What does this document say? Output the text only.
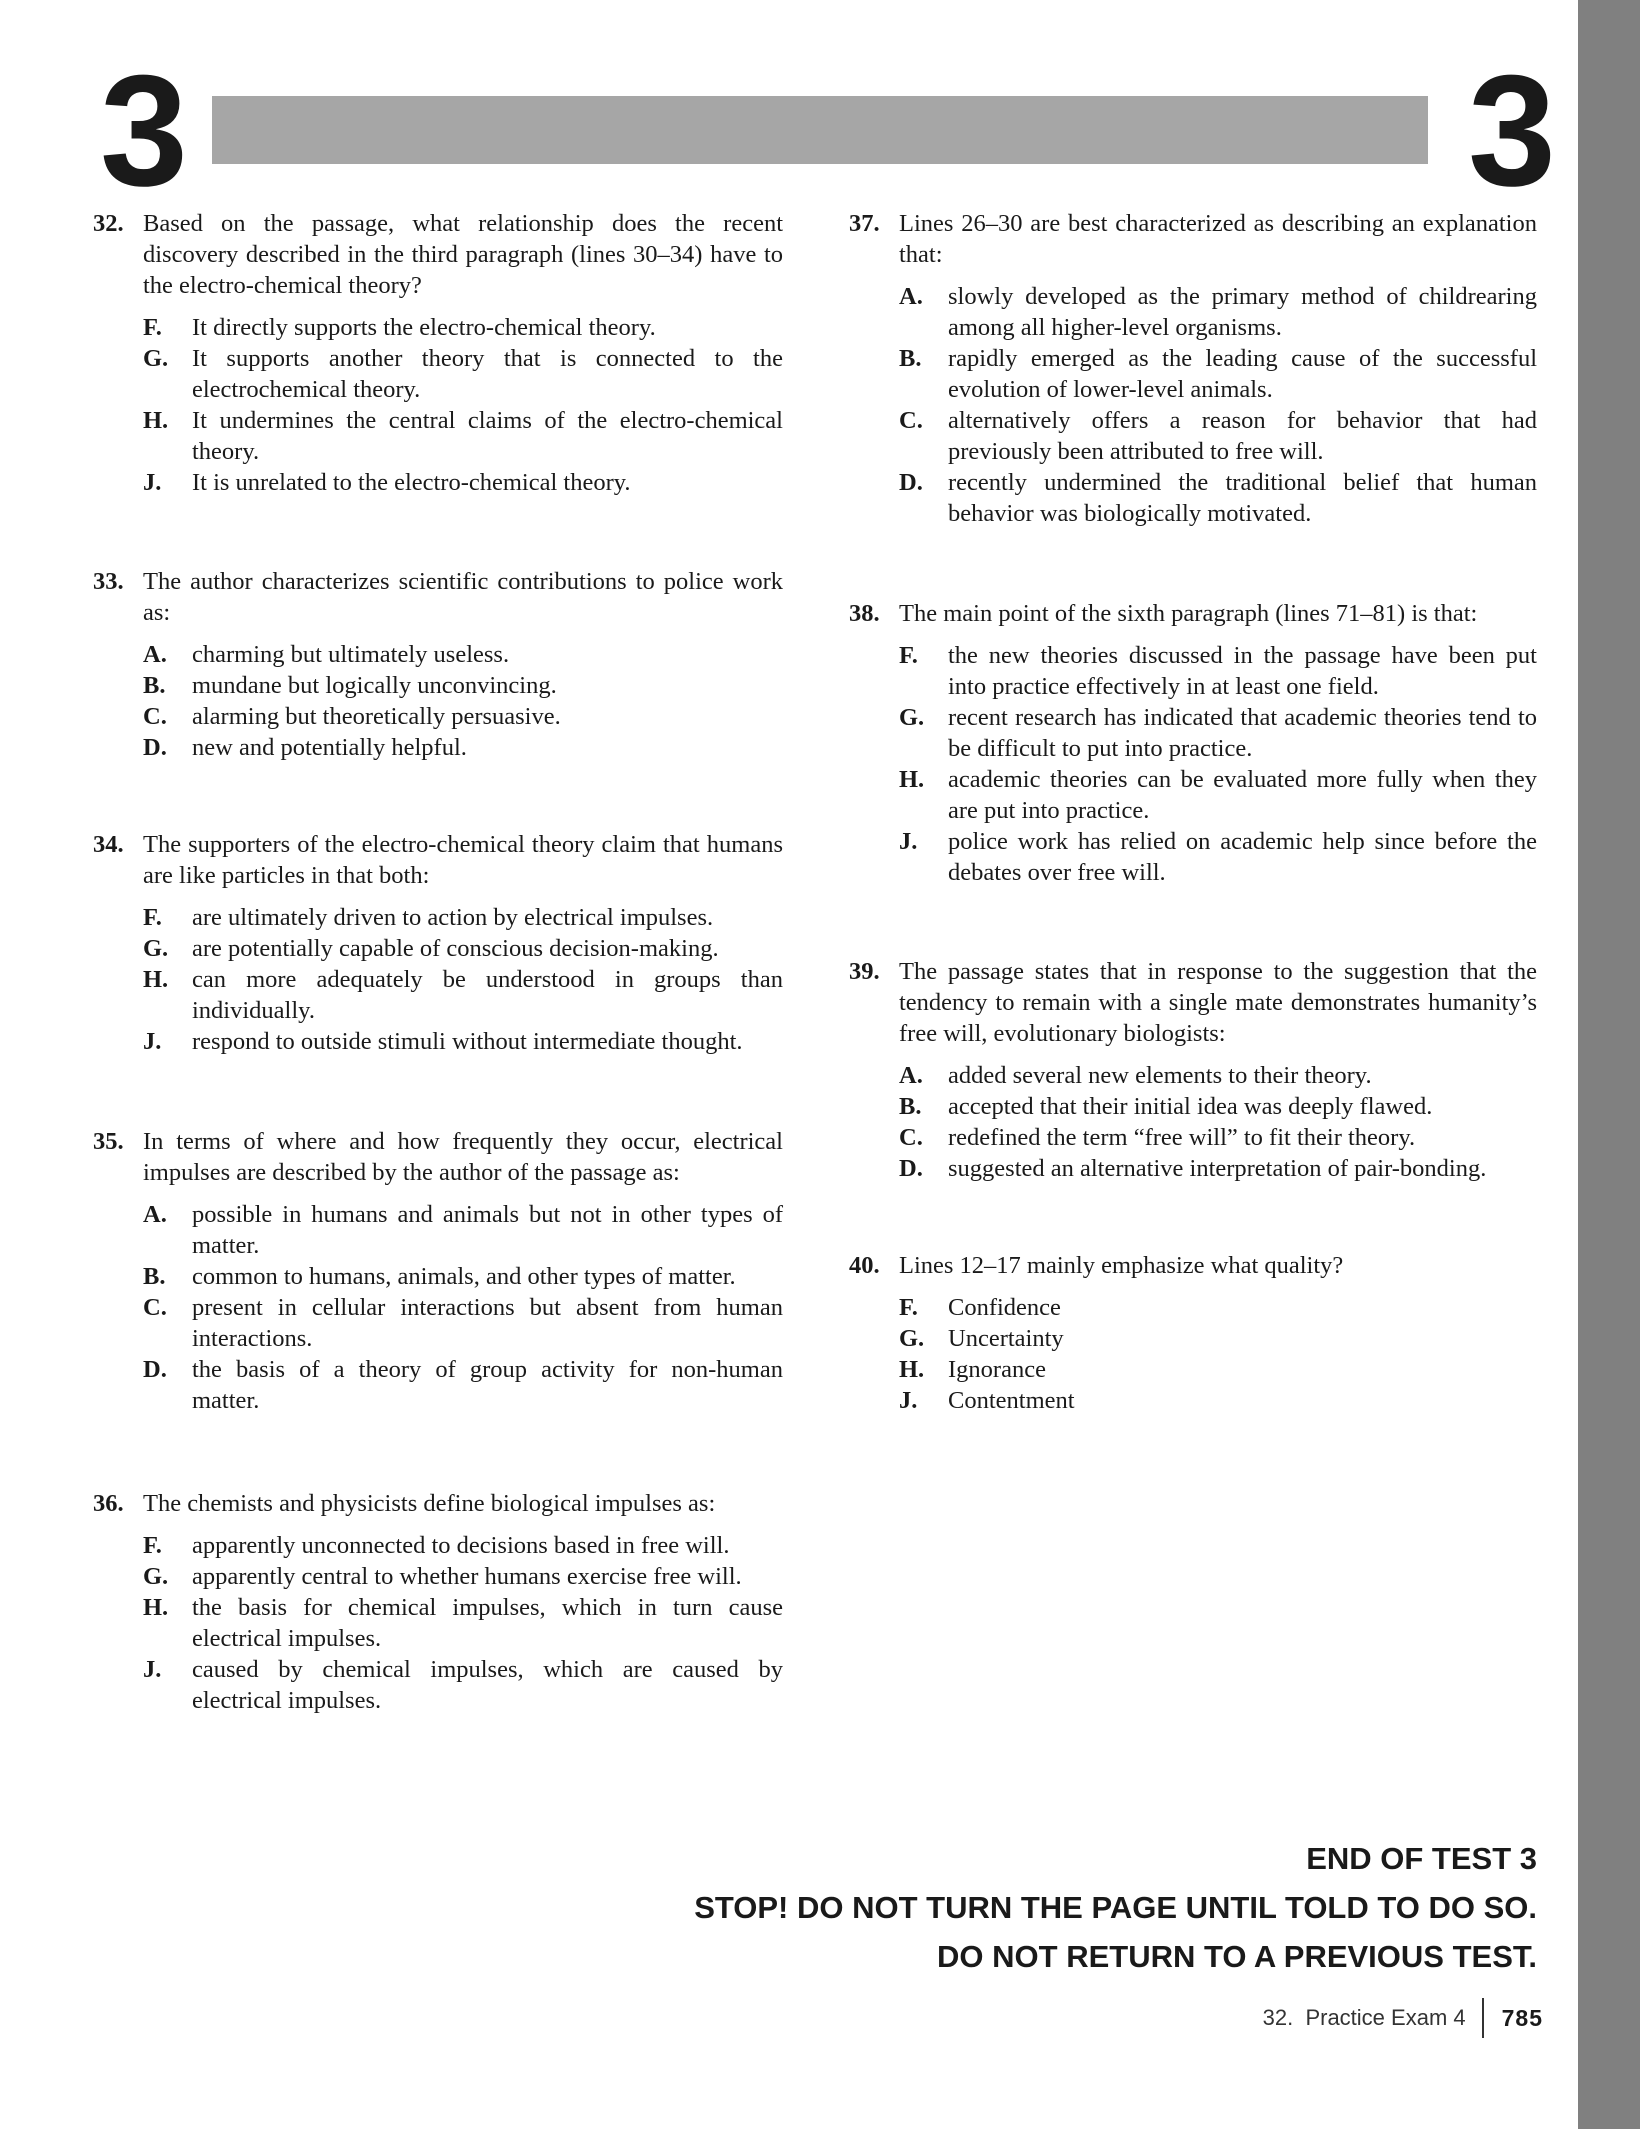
3	3
32. Based on the passage, what relationship does the recent discovery described in the third paragraph (lines 30–34) have to the electro-chemical theory?
F. It directly supports the electro-chemical theory.
G. It supports another theory that is connected to the electrochemical theory.
H. It undermines the central claims of the electro-chemical theory.
J. It is unrelated to the electro-chemical theory.
33. The author characterizes scientific contributions to police work as:
A. charming but ultimately useless.
B. mundane but logically unconvincing.
C. alarming but theoretically persuasive.
D. new and potentially helpful.
34. The supporters of the electro-chemical theory claim that humans are like particles in that both:
F. are ultimately driven to action by electrical impulses.
G. are potentially capable of conscious decision-making.
H. can more adequately be understood in groups than individually.
J. respond to outside stimuli without intermediate thought.
35. In terms of where and how frequently they occur, electrical impulses are described by the author of the passage as:
A. possible in humans and animals but not in other types of matter.
B. common to humans, animals, and other types of matter.
C. present in cellular interactions but absent from human interactions.
D. the basis of a theory of group activity for non-human matter.
36. The chemists and physicists define biological impulses as:
F. apparently unconnected to decisions based in free will.
G. apparently central to whether humans exercise free will.
H. the basis for chemical impulses, which in turn cause electrical impulses.
J. caused by chemical impulses, which are caused by electrical impulses.
37. Lines 26–30 are best characterized as describing an explanation that:
A. slowly developed as the primary method of childrearing among all higher-level organisms.
B. rapidly emerged as the leading cause of the successful evolution of lower-level animals.
C. alternatively offers a reason for behavior that had previously been attributed to free will.
D. recently undermined the traditional belief that human behavior was biologically motivated.
38. The main point of the sixth paragraph (lines 71–81) is that:
F. the new theories discussed in the passage have been put into practice effectively in at least one field.
G. recent research has indicated that academic theories tend to be difficult to put into practice.
H. academic theories can be evaluated more fully when they are put into practice.
J. police work has relied on academic help since before the debates over free will.
39. The passage states that in response to the suggestion that the tendency to remain with a single mate demonstrates humanity’s free will, evolutionary biologists:
A. added several new elements to their theory.
B. accepted that their initial idea was deeply flawed.
C. redefined the term “free will” to fit their theory.
D. suggested an alternative interpretation of pair-bonding.
40. Lines 12–17 mainly emphasize what quality?
F. Confidence
G. Uncertainty
H. Ignorance
J. Contentment
END OF TEST 3
STOP! DO NOT TURN THE PAGE UNTIL TOLD TO DO SO.
DO NOT RETURN TO A PREVIOUS TEST.
32.  Practice Exam 4 785
